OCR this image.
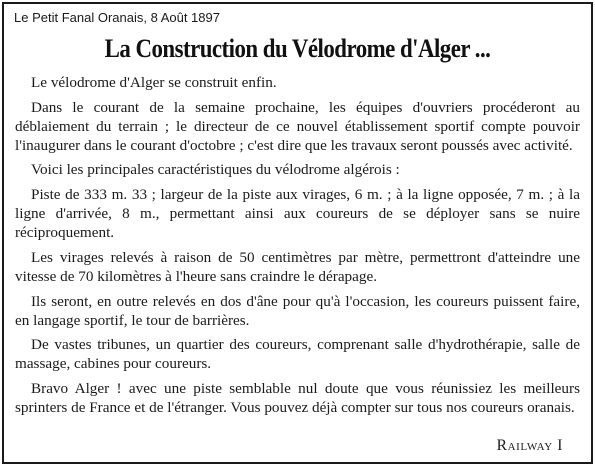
Le Petit Fanal Oranais, 8 Août 1897
La Construction du Vélodrome d'Alger ...

Le vélodrome d'Alger se construit enfin.

Dans le courant de la semaine prochaine, les équipes d'ouvriers procéderont au déblaiement du terrain ; le directeur de ce nouvel établissement sportif compte pouvoir l'inaugurer dans le courant d'octobre ; c'est dire que les travaux seront poussés avec activité.

Voici les principales caractéristiques du vélodrome algérois :

Piste de 333 m. 33 ; largeur de la piste aux virages, 6 m. ; à la ligne opposée, 7 m. ; à la ligne d'arrivée, 8 m., permettant ainsi aux coureurs de se déployer sans se nuire réciproquement.

Les virages relevés à raison de 50 centimètres par mètre, permettront d'atteindre une vitesse de 70 kilomètres à l'heure sans craindre le dérapage.

Ils seront, en outre relevés en dos d'âne pour qu'à l'occasion, les coureurs puissent faire, en langage sportif, le tour de barrières.

De vastes tribunes, un quartier des coureurs, comprenant salle d'hydrothérapie, salle de massage, cabines pour coureurs.

Bravo Alger ! avec une piste semblable nul doute que vous réunissiez les meilleurs sprinters de France et de l'étranger. Vous pouvez déjà compter sur tous nos coureurs oranais.

Railway I
